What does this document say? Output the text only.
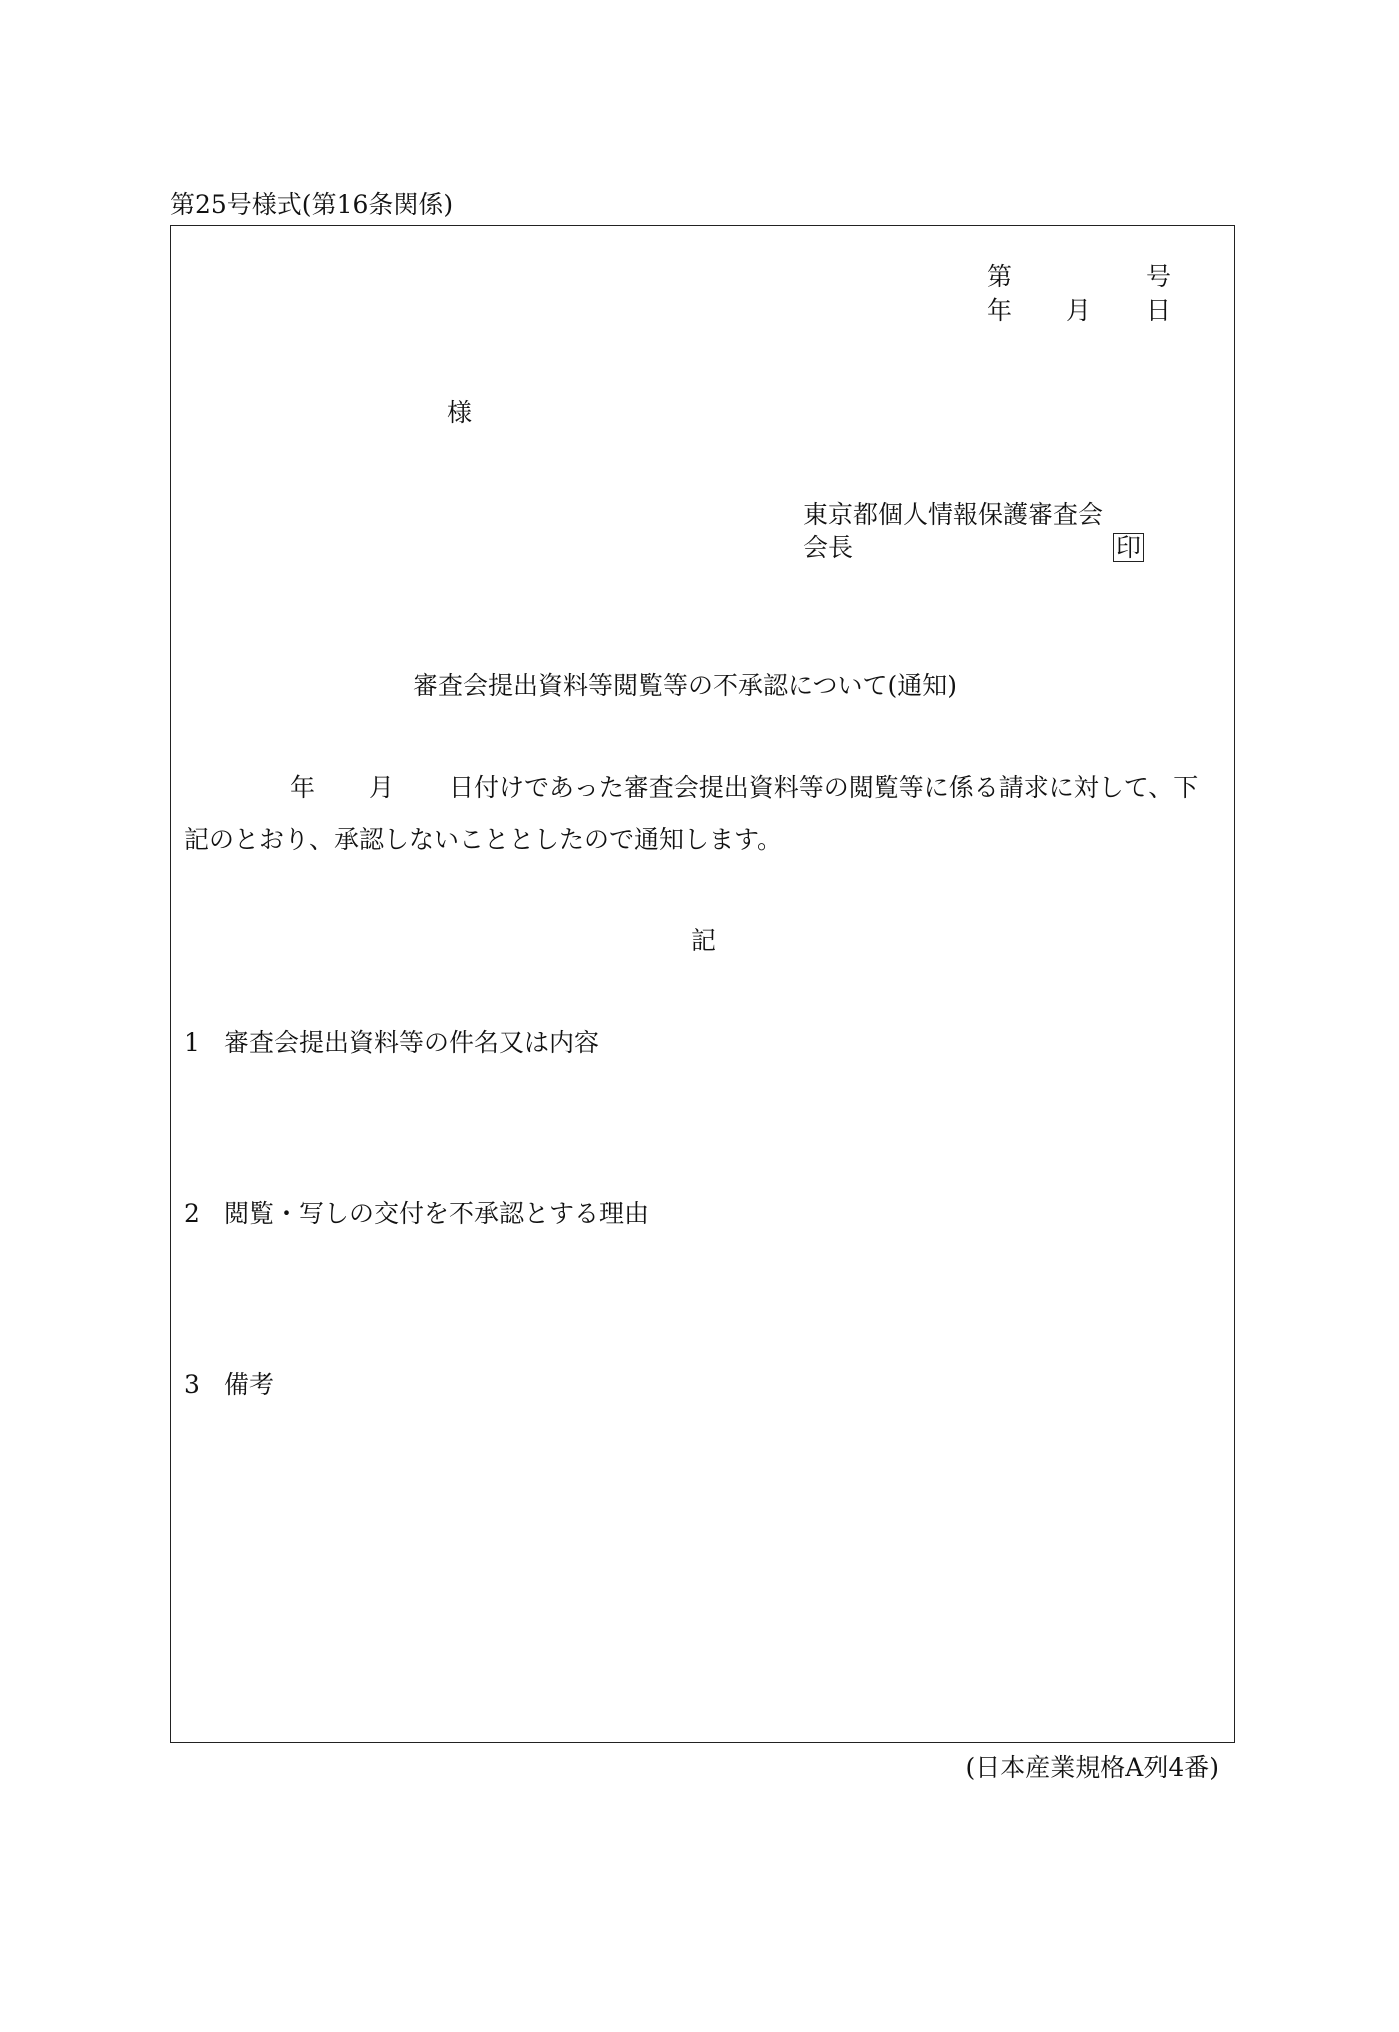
第25号様式(第16条関係)
第	号
年 月 日
様
東京都個人情報保護審査会
会長	印
審査会提出資料等閲覧等の不承認について(通知)
年 月 日付けであった審査会提出資料等の閲覧等に係る請求に対して、下
記のとおり、承認しないこととしたので通知します。
記
1 審査会提出資料等の件名又は内容
2 閲覧・写しの交付を不承認とする理由
3 備考
(日本産業規格A列4番)
